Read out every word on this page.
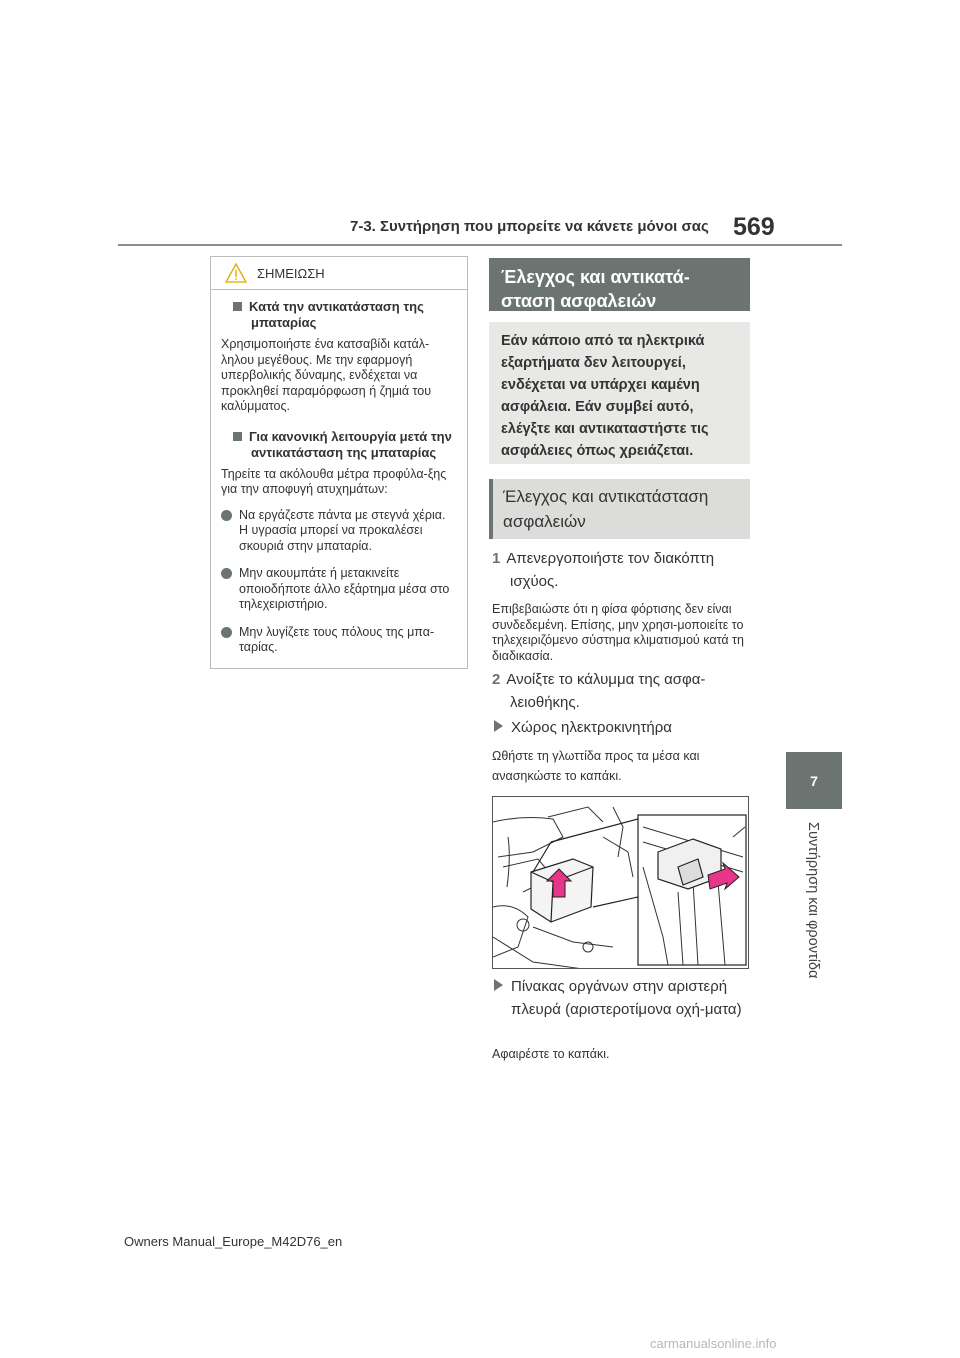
7-3. Συντήρηση που μπορείτε να κάνετε μόνοι σας 569
7
Συντήρηση και φροντίδα
ΣΗΜΕΙΩΣΗ

Κατά την αντικατάσταση της μπαταρίας

Χρησιμοποιήστε ένα κατσαβίδι κατάλ-ληλου μεγέθους. Με την εφαρμογή υπερβολικής δύναμης, ενδέχεται να προκληθεί παραμόρφωση ή ζημιά του καλύμματος.

Για κανονική λειτουργία μετά την αντικατάσταση της μπαταρίας

Τηρείτε τα ακόλουθα μέτρα προφύλα-ξης για την αποφυγή ατυχημάτων:

Να εργάζεστε πάντα με στεγνά χέρια.
Η υγρασία μπορεί να προκαλέσει σκουριά στην μπαταρία.

Μην ακουμπάτε ή μετακινείτε οποιοδήποτε άλλο εξάρτημα μέσα στο τηλεχειριστήριο.

Μην λυγίζετε τους πόλους της μπα-ταρίας.

Έλεγχος και αντικατά-σταση ασφαλειών
Εάν κάποιο από τα ηλεκτρικά εξαρτήματα δεν λειτουργεί, ενδέχεται να υπάρχει καμένη ασφάλεια. Εάν συμβεί αυτό, ελέγξτε και αντικαταστήστε τις ασφάλειες όπως χρειάζεται.
Έλεγχος και αντικατάσταση ασφαλειών
1 Απενεργοποιήστε τον διακόπτη ισχύος.
Επιβεβαιώστε ότι η φίσα φόρτισης δεν είναι συνδεδεμένη. Επίσης, μην χρησι-μοποιείτε το τηλεχειριζόμενο σύστημα κλιματισμού κατά τη διαδικασία.
2 Ανοίξτε το κάλυμμα της ασφα-λειοθήκης.
Χώρος ηλεκτροκινητήρα
Ωθήστε τη γλωττίδα προς τα μέσα και ανασηκώστε το καπάκι.
Πίνακας οργάνων στην αριστερή πλευρά (αριστεροτίμονα οχή-ματα)
Αφαιρέστε το καπάκι.
Owners Manual_Europe_M42D76_en
carmanualsonline.info
